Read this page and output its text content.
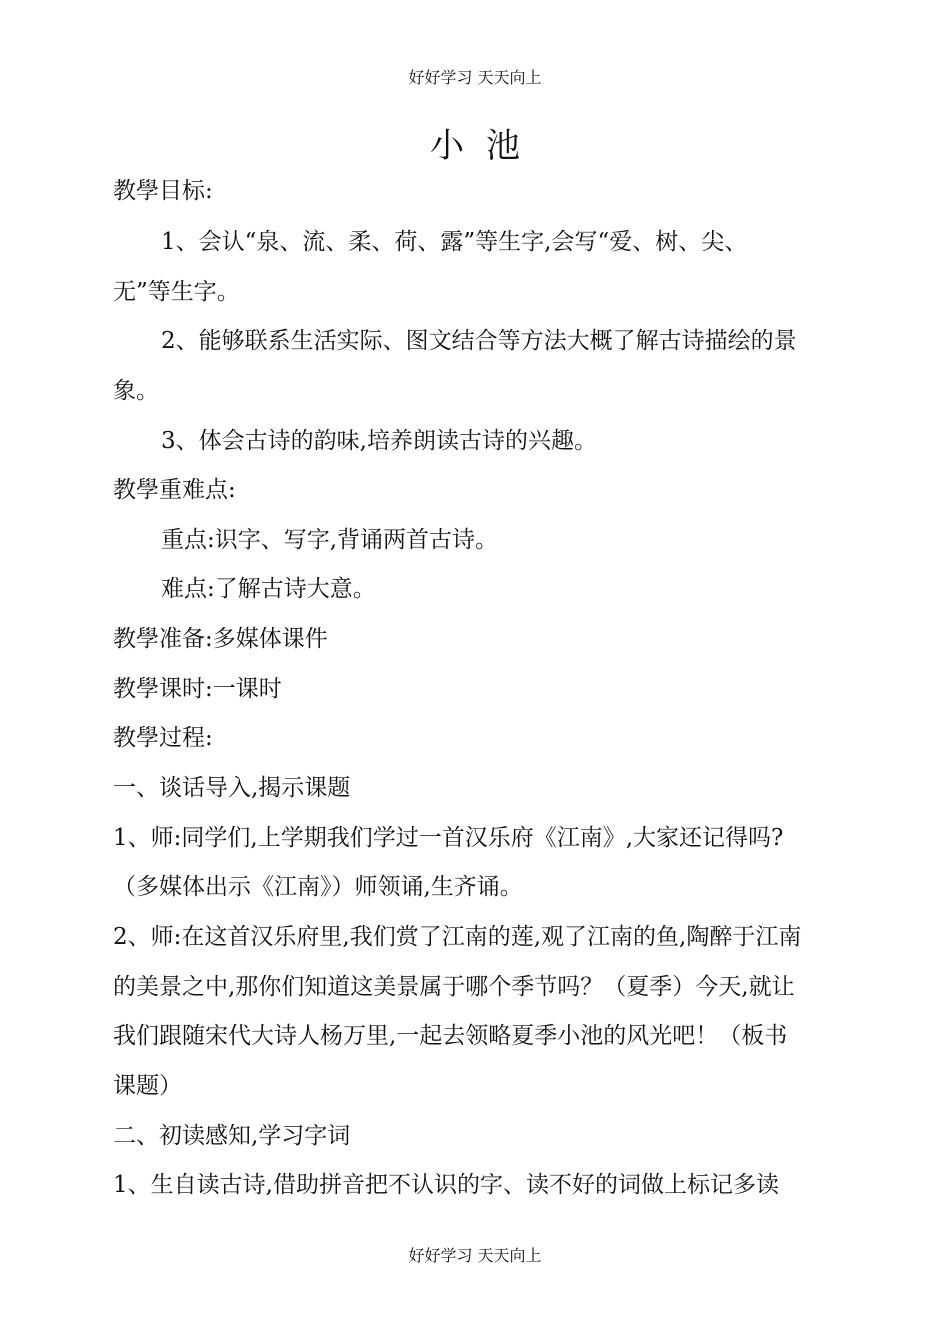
好好学习 天天向上
小池
教學目标:
1、会认“泉、流、柔、荷、露”等生字,会写“爱、树、尖、
无”等生字。
2、能够联系生活实际、图文结合等方法大概了解古诗描绘的景
象。
3、体会古诗的韵味,培养朗读古诗的兴趣。
教學重难点:
重点:识字、写字,背诵两首古诗。
难点:了解古诗大意。
教學准备:多媒体课件
教學课时:一课时
教學过程:
一、谈话导入,揭示课题
1、师:同学们,上学期我们学过一首汉乐府《江南》,大家还记得吗?
（多媒体出示《江南》）师领诵,生齐诵。
2、师:在这首汉乐府里,我们赏了江南的莲,观了江南的鱼,陶醉于江南
的美景之中,那你们知道这美景属于哪个季节吗？（夏季）今天,就让
我们跟随宋代大诗人杨万里,一起去领略夏季小池的风光吧！（板书
课题）
二、初读感知,学习字词
1、生自读古诗,借助拼音把不认识的字、读不好的词做上标记多读
好好学习 天天向上
